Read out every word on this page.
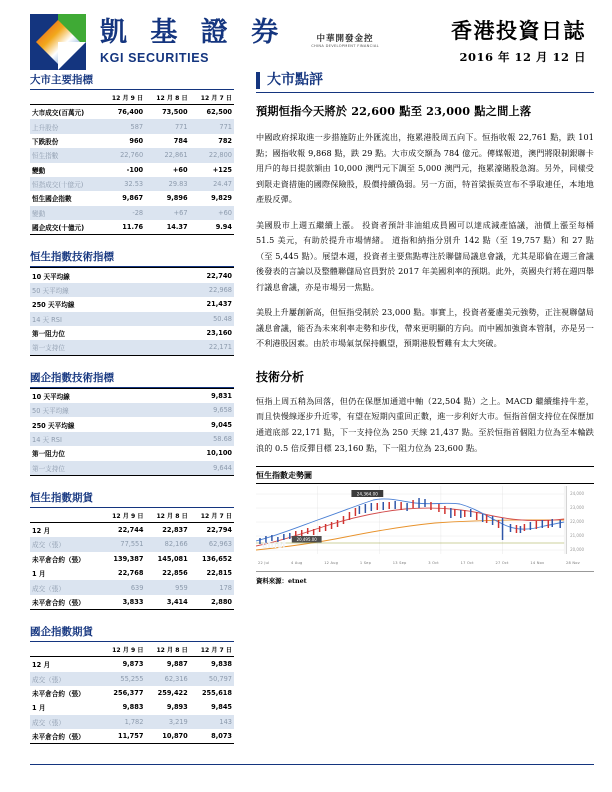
凱 基 證 券
KGI SECURITIES
中華開發金控
CHINA DEVELOPMENT FINANCIAL
香港投資日誌
2016 年 12 月 12 日
大市主要指標
	12 月 9 日	12 月 8 日	12 月 7 日
大市成交(百萬元)	76,400	73,500	62,500
上升股份	587	771	771
下跌股份	960	784	782
恒生指數	22,760	22,861	22,800
變動	-100	+60	+125
恒指成交(十億元)	32.53	29.83	24.47
恒生國企指數	9,867	9,896	9,829
變動	-28	+67	+60
國企成交(十億元)	11.76	14.37	9.94
恒生指數技術指標
10 天平均線	22,740
50 天平均線	22,968
250 天平均線	21,437
14 天 RSI	50.48
第一阻力位	23,160
第一支持位	22,171
國企指數技術指標
10 天平均線	9,831
50 天平均線	9,658
250 天平均線	9,045
14 天 RSI	58.68
第一阻力位	10,100
第一支持位	9,644
恒生指數期貨
	12 月 9 日	12 月 8 日	12 月 7 日
12 月	22,744	22,837	22,794
成交（張）	77,551	82,166	62,963
未平倉合約（張）	139,387	145,081	136,652
1 月	22,768	22,856	22,815
成交（張）	639	959	178
未平倉合約（張）	3,833	3,414	2,880
國企指數期貨
	12 月 9 日	12 月 8 日	12 月 7 日
12 月	9,873	9,887	9,838
成交（張）	55,255	62,316	50,797
未平倉合約（張）	256,377	259,422	255,618
1 月	9,883	9,893	9,845
成交（張）	1,782	3,219	143
未平倉合約（張）	11,757	10,870	8,073
大市點評
預期恒指今天將於 22,600 點至 23,000 點之間上落

中國政府採取進一步措施防止外匯流出，拖累港股周五向下。恒指收報 22,761 點，跌 101 點；國指收報 9,868 點，跌 29 點。大市成交額為 784 億元。傳媒報道，澳門將限制銀聯卡用戶的每日提款額由 10,000 澳門元下調至 5,000 澳門元，拖累濠賭股急瀉。另外，同樣受到限走資措施的國際保險股，股價持續偽弱。另一方面，特首梁振英宣布不爭取連任，本地地產股反彈。

美國股市上週五繼續上漲。 投資者預計非油組成員國可以達成減產協議，油價上漲至每桶 51.5 美元，有助於提升市場情緒。 道指和納指分別升 142 點（至 19,757 點）和 27 點（至 5,445 點）。展望本週，投資者主要焦點專注於聯儲局議息會議，尤其是耶倫在週三會議後發表的言論以及整體聯儲局官員對於 2017 年美國利率的預期。此外，英國央行將在週四舉行議息會議，亦是市場另一焦點。

美股上升屢創新高，但恒指受制於 23,000 點。事實上，投資者憂慮美元強勢，正注視聯儲局議息會議，能否為未來利率走勢和步伐，帶來更明顯的方向。而中國加強資本管制，亦是另一不利港股因素。由於市場氣氛保持觀望，預期港股暫難有太大突破。

技術分析

恒指上周五稍為回落，但仍在保歷加通道中軸（22,504 點）之上。MACD 繼續維持牛差，而且快慢線逐步升近零，有望在短期內重回正數，進一步利好大市。恒指首個支持位在保歷加通道底部 22,171 點，下一支持位為 250 天線 21,437 點。至於恒指首個阻力位為至本輪跌浪的 0.5 倍反彈目標 23,160 點，下一阻力位為 23,600 點。

恒生指數走勢圖
24,364.00
20,495.00
24,000
23,000
22,000
21,000
20,000
etnet
22 Jul	4 Aug	12 Aug	1 Sep	13 Sep	3 Oct	17 Oct	27 Oct	14 Nov	28 Nov
資料來源：etnet
